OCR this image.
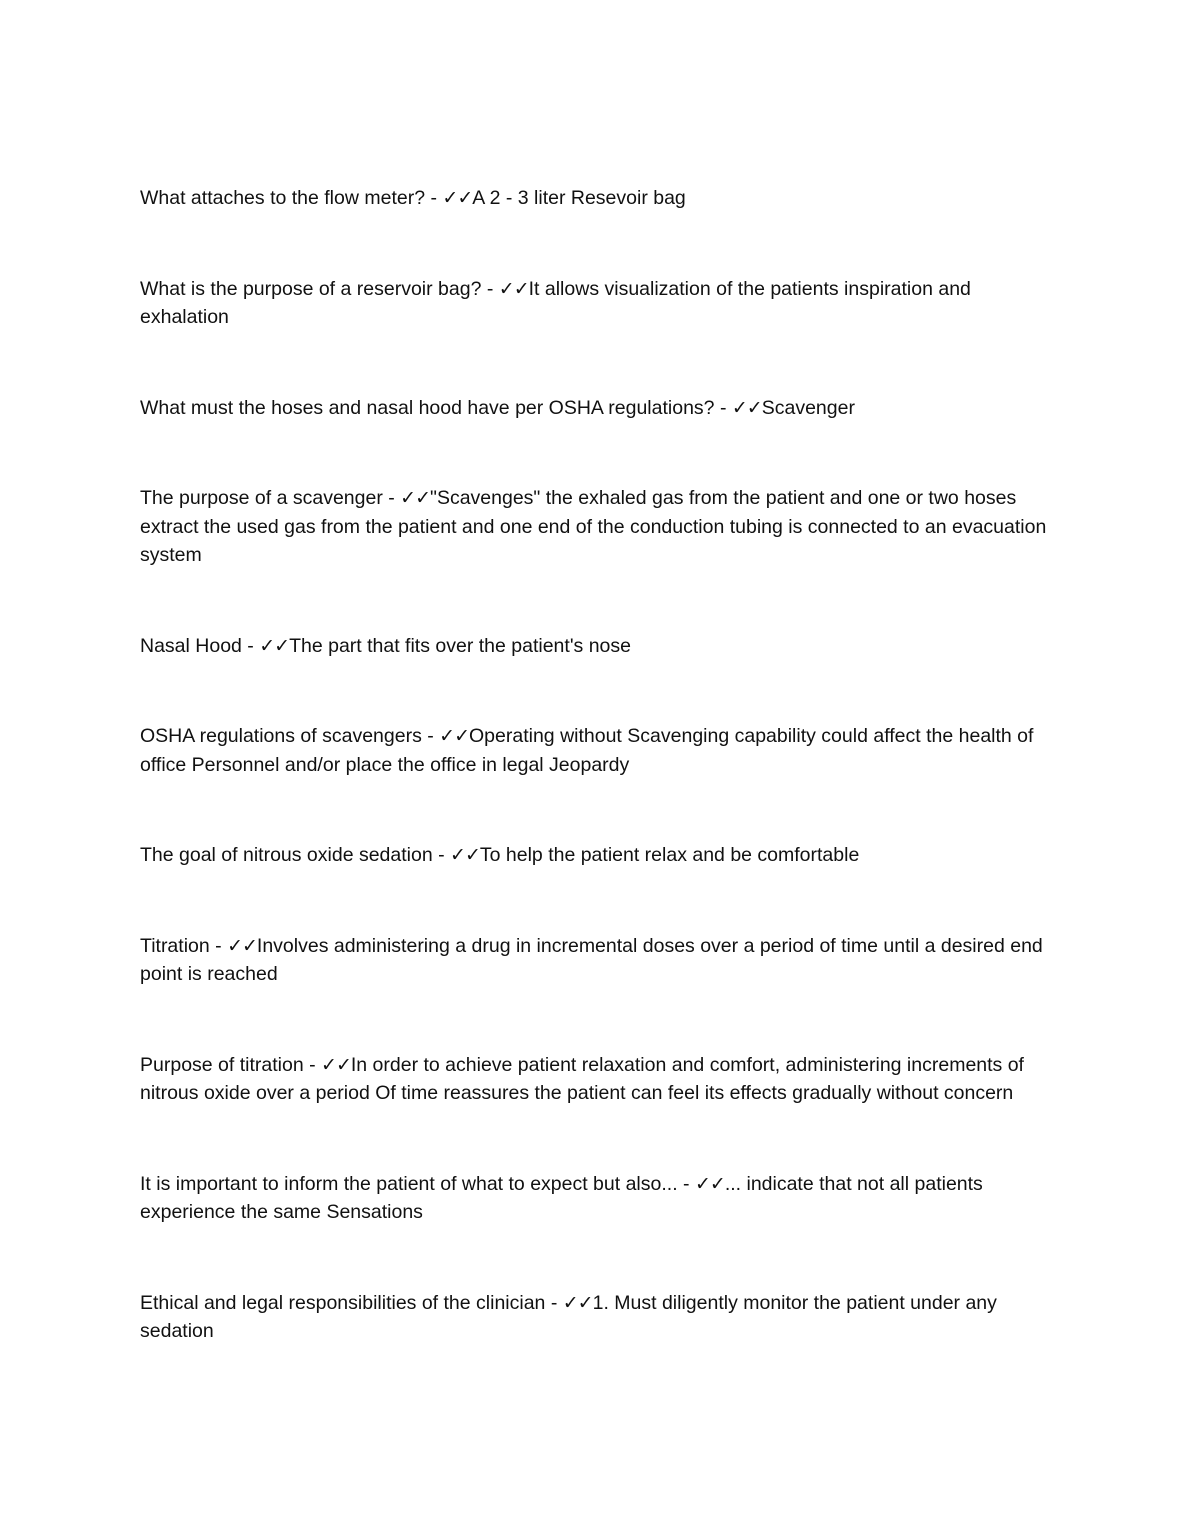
What attaches to the flow meter? - ✓✓A 2 - 3 liter Resevoir bag

What is the purpose of a reservoir bag? - ✓✓It allows visualization of the patients inspiration and exhalation

What must the hoses and nasal hood have per OSHA regulations? - ✓✓Scavenger

The purpose of a scavenger - ✓✓"Scavenges" the exhaled gas from the patient and one or two hoses extract the used gas from the patient and one end of the conduction tubing is connected to an evacuation system

Nasal Hood - ✓✓The part that fits over the patient's nose

OSHA regulations of scavengers - ✓✓Operating without Scavenging capability could affect the health of office Personnel and/or place the office in legal Jeopardy

The goal of nitrous oxide sedation - ✓✓To help the patient relax and be comfortable

Titration - ✓✓Involves administering a drug in incremental doses over a period of time until a desired end point is reached

Purpose of titration - ✓✓In order to achieve patient relaxation and comfort, administering increments of nitrous oxide over a period Of time reassures the patient can feel its effects gradually without concern

It is important to inform the patient of what to expect but also... - ✓✓... indicate that not all patients experience the same Sensations

Ethical and legal responsibilities of the clinician - ✓✓1. Must diligently monitor the patient under any sedation
